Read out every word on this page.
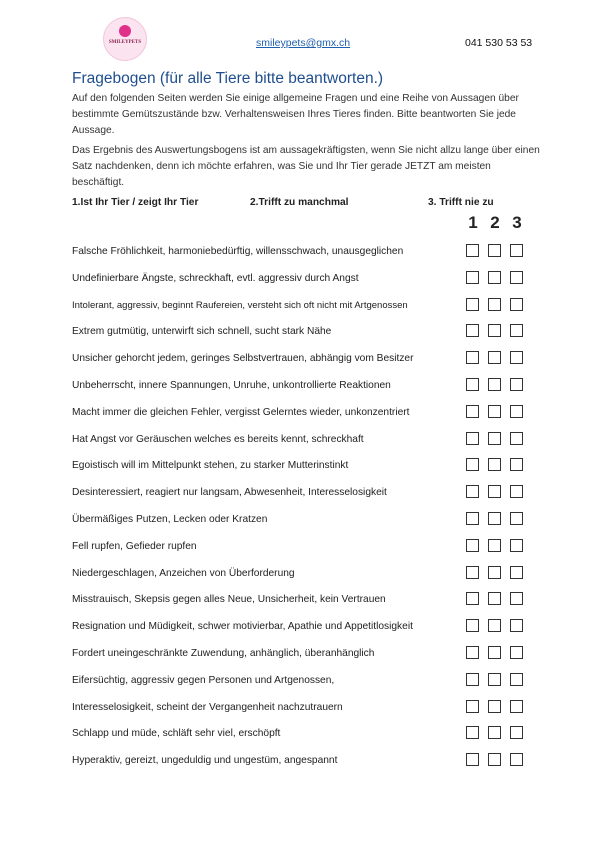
SMILEYPETS	smileypets@gmx.ch	041 530 53 53
Fragebogen (für alle Tiere bitte beantworten.)

Auf den folgenden Seiten werden Sie einige allgemeine Fragen und eine Reihe von Aussagen über bestimmte Gemütszustände bzw. Verhaltensweisen Ihres Tieres finden. Bitte beantworten Sie jede Aussage.

Das Ergebnis des Auswertungsbogens ist am aussagekräftigsten, wenn Sie nicht allzu lange über einen Satz nachdenken, denn ich möchte erfahren, was Sie und Ihr Tier gerade JETZT am meisten beschäftigt.

1.Ist Ihr Tier / zeigt Ihr Tier	2.Trifft zu manchmal	3. Trifft nie zu
1 2 3
Falsche Fröhlichkeit, harmoniebedürftig, willensschwach, unausgeglichen
Undefinierbare Ängste, schreckhaft, evtl. aggressiv durch Angst
Intolerant, aggressiv, beginnt Raufereien, versteht sich oft nicht mit Artgenossen
Extrem gutmütig, unterwirft sich schnell, sucht stark Nähe
Unsicher gehorcht jedem, geringes Selbstvertrauen, abhängig vom Besitzer
Unbeherrscht, innere Spannungen, Unruhe, unkontrollierte Reaktionen
Macht immer die gleichen Fehler, vergisst Gelerntes wieder, unkonzentriert
Hat Angst vor Geräuschen welches es bereits kennt, schreckhaft
Egoistisch will im Mittelpunkt stehen, zu starker Mutterinstinkt
Desinteressiert, reagiert nur langsam, Abwesenheit, Interesselosigkeit
Übermäßiges Putzen, Lecken oder Kratzen
Fell rupfen, Gefieder rupfen
Niedergeschlagen, Anzeichen von Überforderung
Misstrauisch, Skepsis gegen alles Neue, Unsicherheit, kein Vertrauen
Resignation und Müdigkeit, schwer motivierbar, Apathie und Appetitlosigkeit
Fordert uneingeschränkte Zuwendung, anhänglich, überanhänglich
Eifersüchtig, aggressiv gegen Personen und Artgenossen,
Interesselosigkeit, scheint der Vergangenheit nachzutrauern
Schlapp und müde, schläft sehr viel, erschöpft
Hyperaktiv, gereizt, ungeduldig und ungestüm, angespannt
